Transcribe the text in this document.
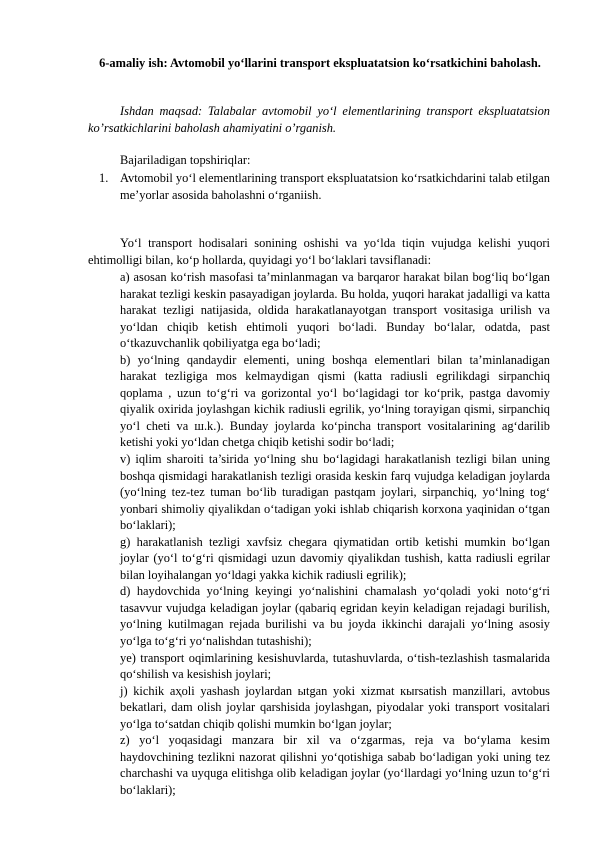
6-amaliy ish: Avtomobil yo‘llarini transport ekspluatatsion ko‘rsatkichini baholash.
Ishdan maqsad: Talabalar avtomobil yo‘l elementlarining transport ekspluatatsion ko’rsatkichlarini baholash ahamiyatini o’rganish.
Bajariladigan topshiriqlar:
1. Avtomobil yo‘l elementlarining transport ekspluatatsion ko‘rsatkichdarini talab etilgan me’yorlar asosida baholashni o‘rganiish.
Yo‘l transport hodisalari sonining oshishi va yo‘lda tiqin vujudga kelishi yuqori ehtimolligi bilan, ko‘p hollarda, quyidagi yo‘l bo‘laklari tavsiflanadi:

a) asosan ko‘rish masofasi ta’minlanmagan va barqaror harakat bilan bog‘liq bo‘lgan harakat tezligi keskin pasayadigan joylarda. Bu holda, yuqori harakat jadalligi va katta harakat tezligi natijasida, oldida harakatlanayotgan transport vositasiga urilish va yo‘ldan chiqib ketish ehtimoli yuqori bo‘ladi. Bunday bo‘lalar, odatda, past o‘tkazuvchanlik qobiliyatga ega bo‘ladi;

b) yo‘lning qandaydir elementi, uning boshqa elementlari bilan ta’minlanadigan harakat tezligiga mos kelmaydigan qismi (katta radiusli egrilikdagi sirpanchiq qoplama , uzun to‘g‘ri va gorizontal yo‘l bo‘lagidagi tor ko‘prik, pastga davomiy qiyalik oxirida joylashgan kichik radiusli egrilik, yo‘lning torayigan qismi, sirpanchiq yo‘l cheti va ш.k.). Bunday joylarda ko‘pincha transport vositalarining ag‘darilib ketishi yoki yo‘ldan chetga chiqib ketishi sodir bo‘ladi;

v) iqlim sharoiti ta’sirida yo‘lning shu bo‘lagidagi harakatlanish tezligi bilan uning boshqa qismidagi harakatlanish tezligi orasida keskin farq vujudga keladigan joylarda (yo‘lning tez-tez tuman bo‘lib turadigan pastqam joylari, sirpanchiq, yo‘lning tog‘ yonbari shimoliy qiyalikdan o‘tadigan yoki ishlab chiqarish korxona yaqinidan o‘tgan bo‘laklari);

g) harakatlanish tezligi xavfsiz chegara qiymatidan ortib ketishi mumkin bo‘lgan joylar (yo‘l to‘g‘ri qismidagi uzun davomiy qiyalikdan tushish, katta radiusli egrilar bilan loyihalangan yo‘ldagi yakka kichik radiusli egrilik);

d) haydovchida yo‘lning keyingi yo‘nalishini chamalash yo‘qoladi yoki noto‘g‘ri tasavvur vujudga keladigan joylar (qabariq egridan keyin keladigan rejadagi burilish, yo‘lning kutilmagan rejada burilishi va bu joyda ikkinchi darajali yo‘lning asosiy yo‘lga to‘g‘ri yo‘nalishdan tutashishi);

ye) transport oqimlarining kesishuvlarda, tutashuvlarda, o‘tish-tezlashish tasmalarida qo‘shilish va kesishish joylari;

j) kichik аҳoli yashash joylardan ыtgan yoki xizmat кыrsatish manzillari, avtobus bekatlari, dam olish joylar qarshisida joylashgan, piyodalar yoki transport vositalari yo‘lga to‘satdan chiqib qolishi mumkin bo‘lgan joylar;

z) yo‘l yoqasidagi manzara bir xil va o‘zgarmas, reja va bo‘ylama kesim haydovchining tezlikni nazorat qilishni yo‘qotishiga sabab bo‘ladigan yoki uning tez charchashi va uyquga elitishga olib keladigan joylar (yo‘llardagi yo‘lning uzun to‘g‘ri bo‘laklari);
